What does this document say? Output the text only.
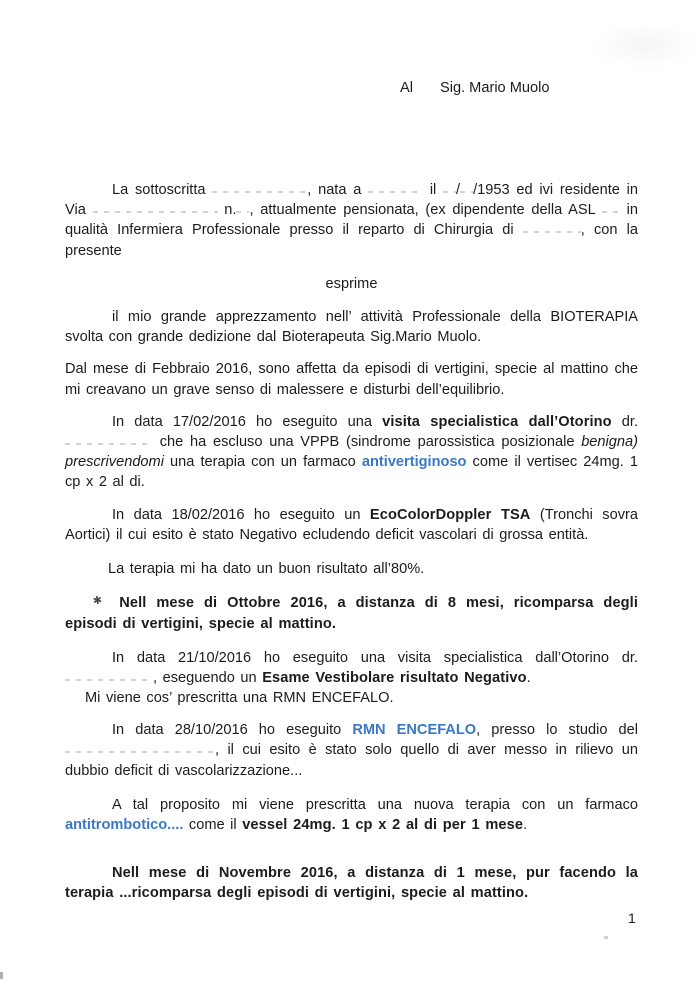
Al Sig. Mario Muolo

La sottoscritta	, nata a	il / /1953 ed ivi residente in Via	n. , attualmente pensionata, (ex dipendente della ASL  in qualità Infermiera Professionale presso il reparto di Chirurgia di	, con la presente

esprime

il mio grande apprezzamento nell’ attività Professionale della BIOTERAPIA svolta con grande dedizione dal Bioterapeuta Sig.Mario Muolo.

Dal mese di Febbraio 2016, sono affetta da episodi di vertigini, specie al mattino che mi creavano un grave senso di malessere e disturbi dell’equilibrio.

In data 17/02/2016 ho eseguito una visita specialistica dall’Otorino dr.  che ha escluso una VPPB (sindrome parossistica posizionale benigna) prescrivendomi una terapia con un farmaco antivertiginoso come il vertisec 24mg. 1 cp x 2 al di.

In data 18/02/2016 ho eseguito un EcoColorDoppler TSA (Tronchi sovra Aortici) il cui esito è stato Negativo ecludendo deficit vascolari di grossa entità.

La terapia mi ha dato un buon risultato all’80%.

✱ Nell mese di Ottobre 2016, a distanza di 8 mesi, ricomparsa degli episodi di vertigini, specie al mattino.

In data 21/10/2016 ho eseguito una visita specialistica dall’Otorino dr. , eseguendo un Esame Vestibolare risultato Negativo.

Mi viene cos’ prescritta una RMN ENCEFALO.

In data 28/10/2016 ho eseguito RMN ENCEFALO, presso lo studio del , il cui esito è stato solo quello di aver messo in rilievo un dubbio deficit di vascolarizzazione...

A tal proposito mi viene prescritta una nuova terapia con un farmaco antitrombotico.... come il vessel 24mg. 1 cp x 2 al di per 1 mese.

Nell mese di Novembre 2016, a distanza di 1 mese, pur facendo la terapia ...ricomparsa degli episodi di vertigini, specie al mattino.

1
